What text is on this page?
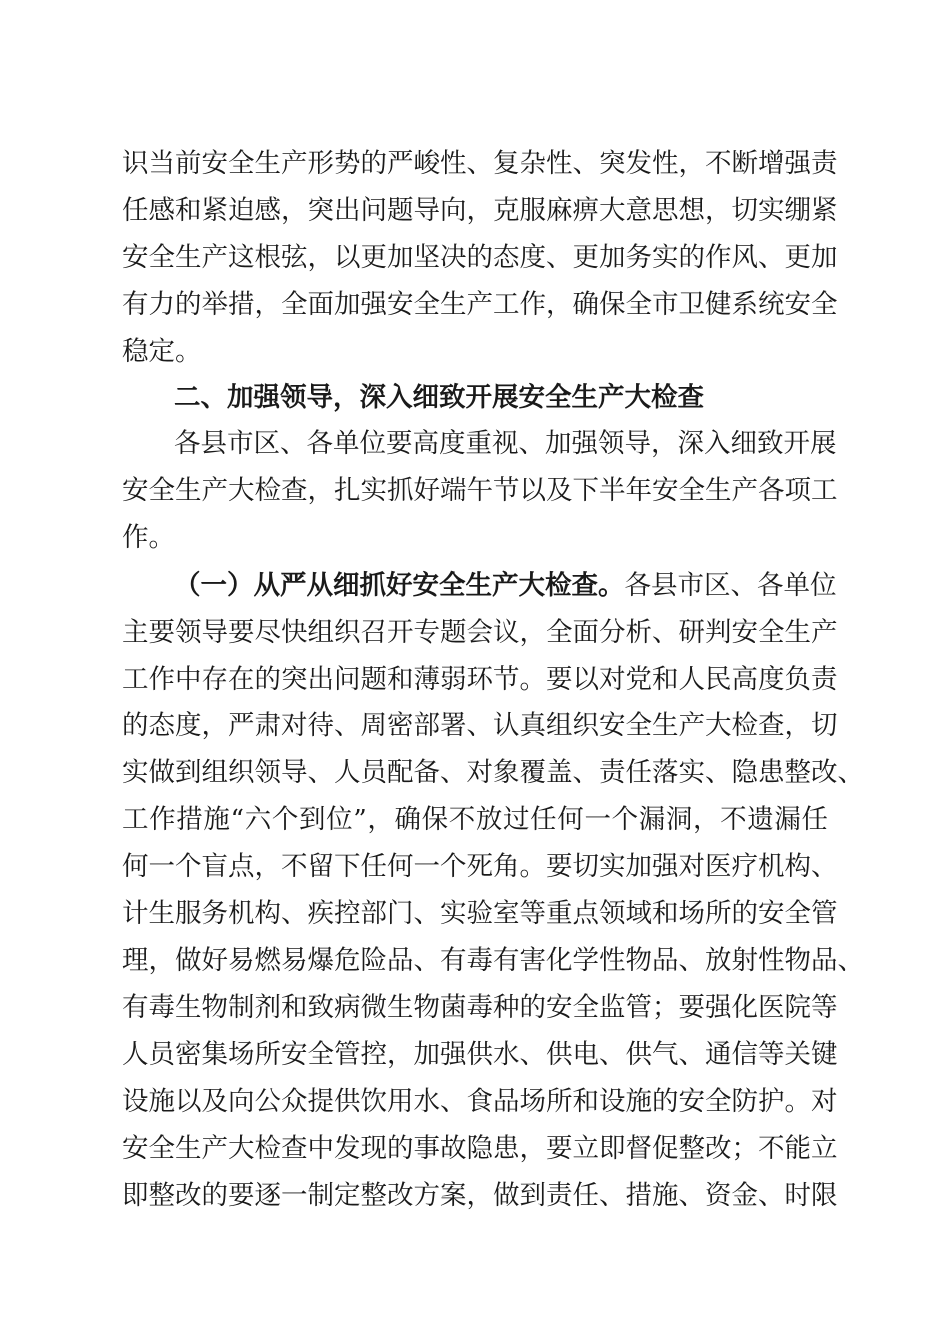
识当前安全生产形势的严峻性、复杂性、突发性，不断增强责
任感和紧迫感，突出问题导向，克服麻痹大意思想，切实绷紧
安全生产这根弦，以更加坚决的态度、更加务实的作风、更加
有力的举措，全面加强安全生产工作，确保全市卫健系统安全
稳定。
二、加强领导，深入细致开展安全生产大检查
各县市区、各单位要高度重视、加强领导，深入细致开展
安全生产大检查，扎实抓好端午节以及下半年安全生产各项工
作。
（一）从严从细抓好安全生产大检查。各县市区、各单位
主要领导要尽快组织召开专题会议，全面分析、研判安全生产
工作中存在的突出问题和薄弱环节。要以对党和人民高度负责
的态度，严肃对待、周密部署、认真组织安全生产大检查，切
实做到组织领导、人员配备、对象覆盖、责任落实、隐患整改、
工作措施“六个到位”，确保不放过任何一个漏洞，不遗漏任
何一个盲点，不留下任何一个死角。要切实加强对医疗机构、
计生服务机构、疾控部门、实验室等重点领域和场所的安全管
理，做好易燃易爆危险品、有毒有害化学性物品、放射性物品、
有毒生物制剂和致病微生物菌毒种的安全监管；要强化医院等
人员密集场所安全管控，加强供水、供电、供气、通信等关键
设施以及向公众提供饮用水、食品场所和设施的安全防护。对
安全生产大检查中发现的事故隐患，要立即督促整改；不能立
即整改的要逐一制定整改方案，做到责任、措施、资金、时限
